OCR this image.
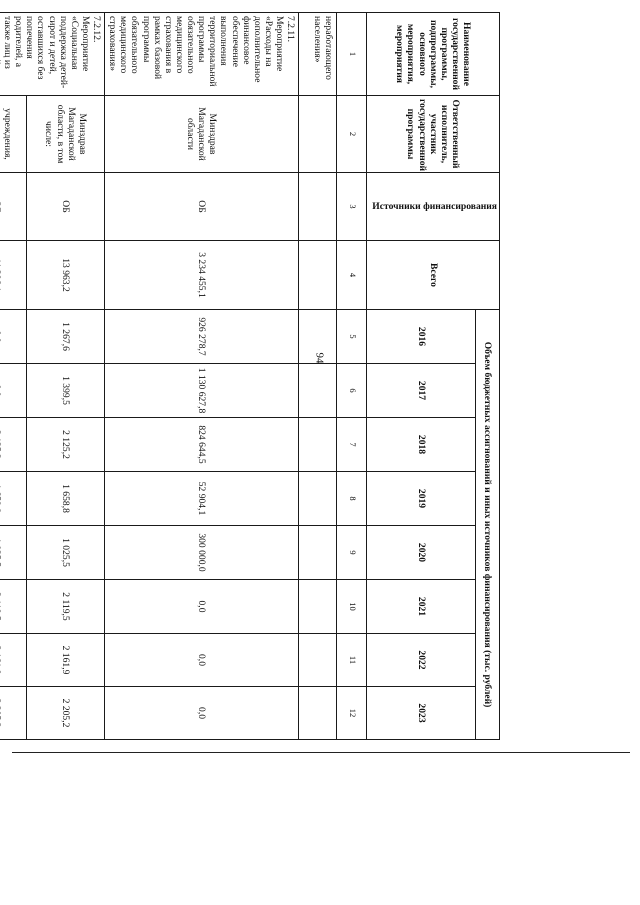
94
Наименование государственной программы, подпрограммы, основного мероприятия, мероприятия	Ответственный исполнитель, участник государственной программы	Источники финансирования	Всего	Объем бюджетных ассигнований и иных источников финансирования (тыс. рублей)							
				2016	2017	2018	2019	2020	2021	2022	2023
1	2	3	4	5	6	7	8	9	10	11	12
неработающего населения»											
7.2.11. Мероприятие «Расходы на дополнительное финансовое обеспечение выполнения территориальной программы обязательного медицинского страхования в рамках базовой программы обязательного медицинского страхования»	Минздрав Магаданской области	ОБ	3 234 455,1	926 278,7	1 130 627,8	824 644,5	52 904,1	300 000,0	0,0	0,0	0,0
7.2.12. Мероприятие «Социальная поддержка детей-сирот и детей, оставшихся без попечения родителей, а также лиц из	Минздрав Магаданской области, в том числе:	ОБ	13 963,2	1 267,6	1 399,5	2 125,2	1 658,8	1 025,5	2 119,5	2 161,9	2 205,2
	учреждения,										
